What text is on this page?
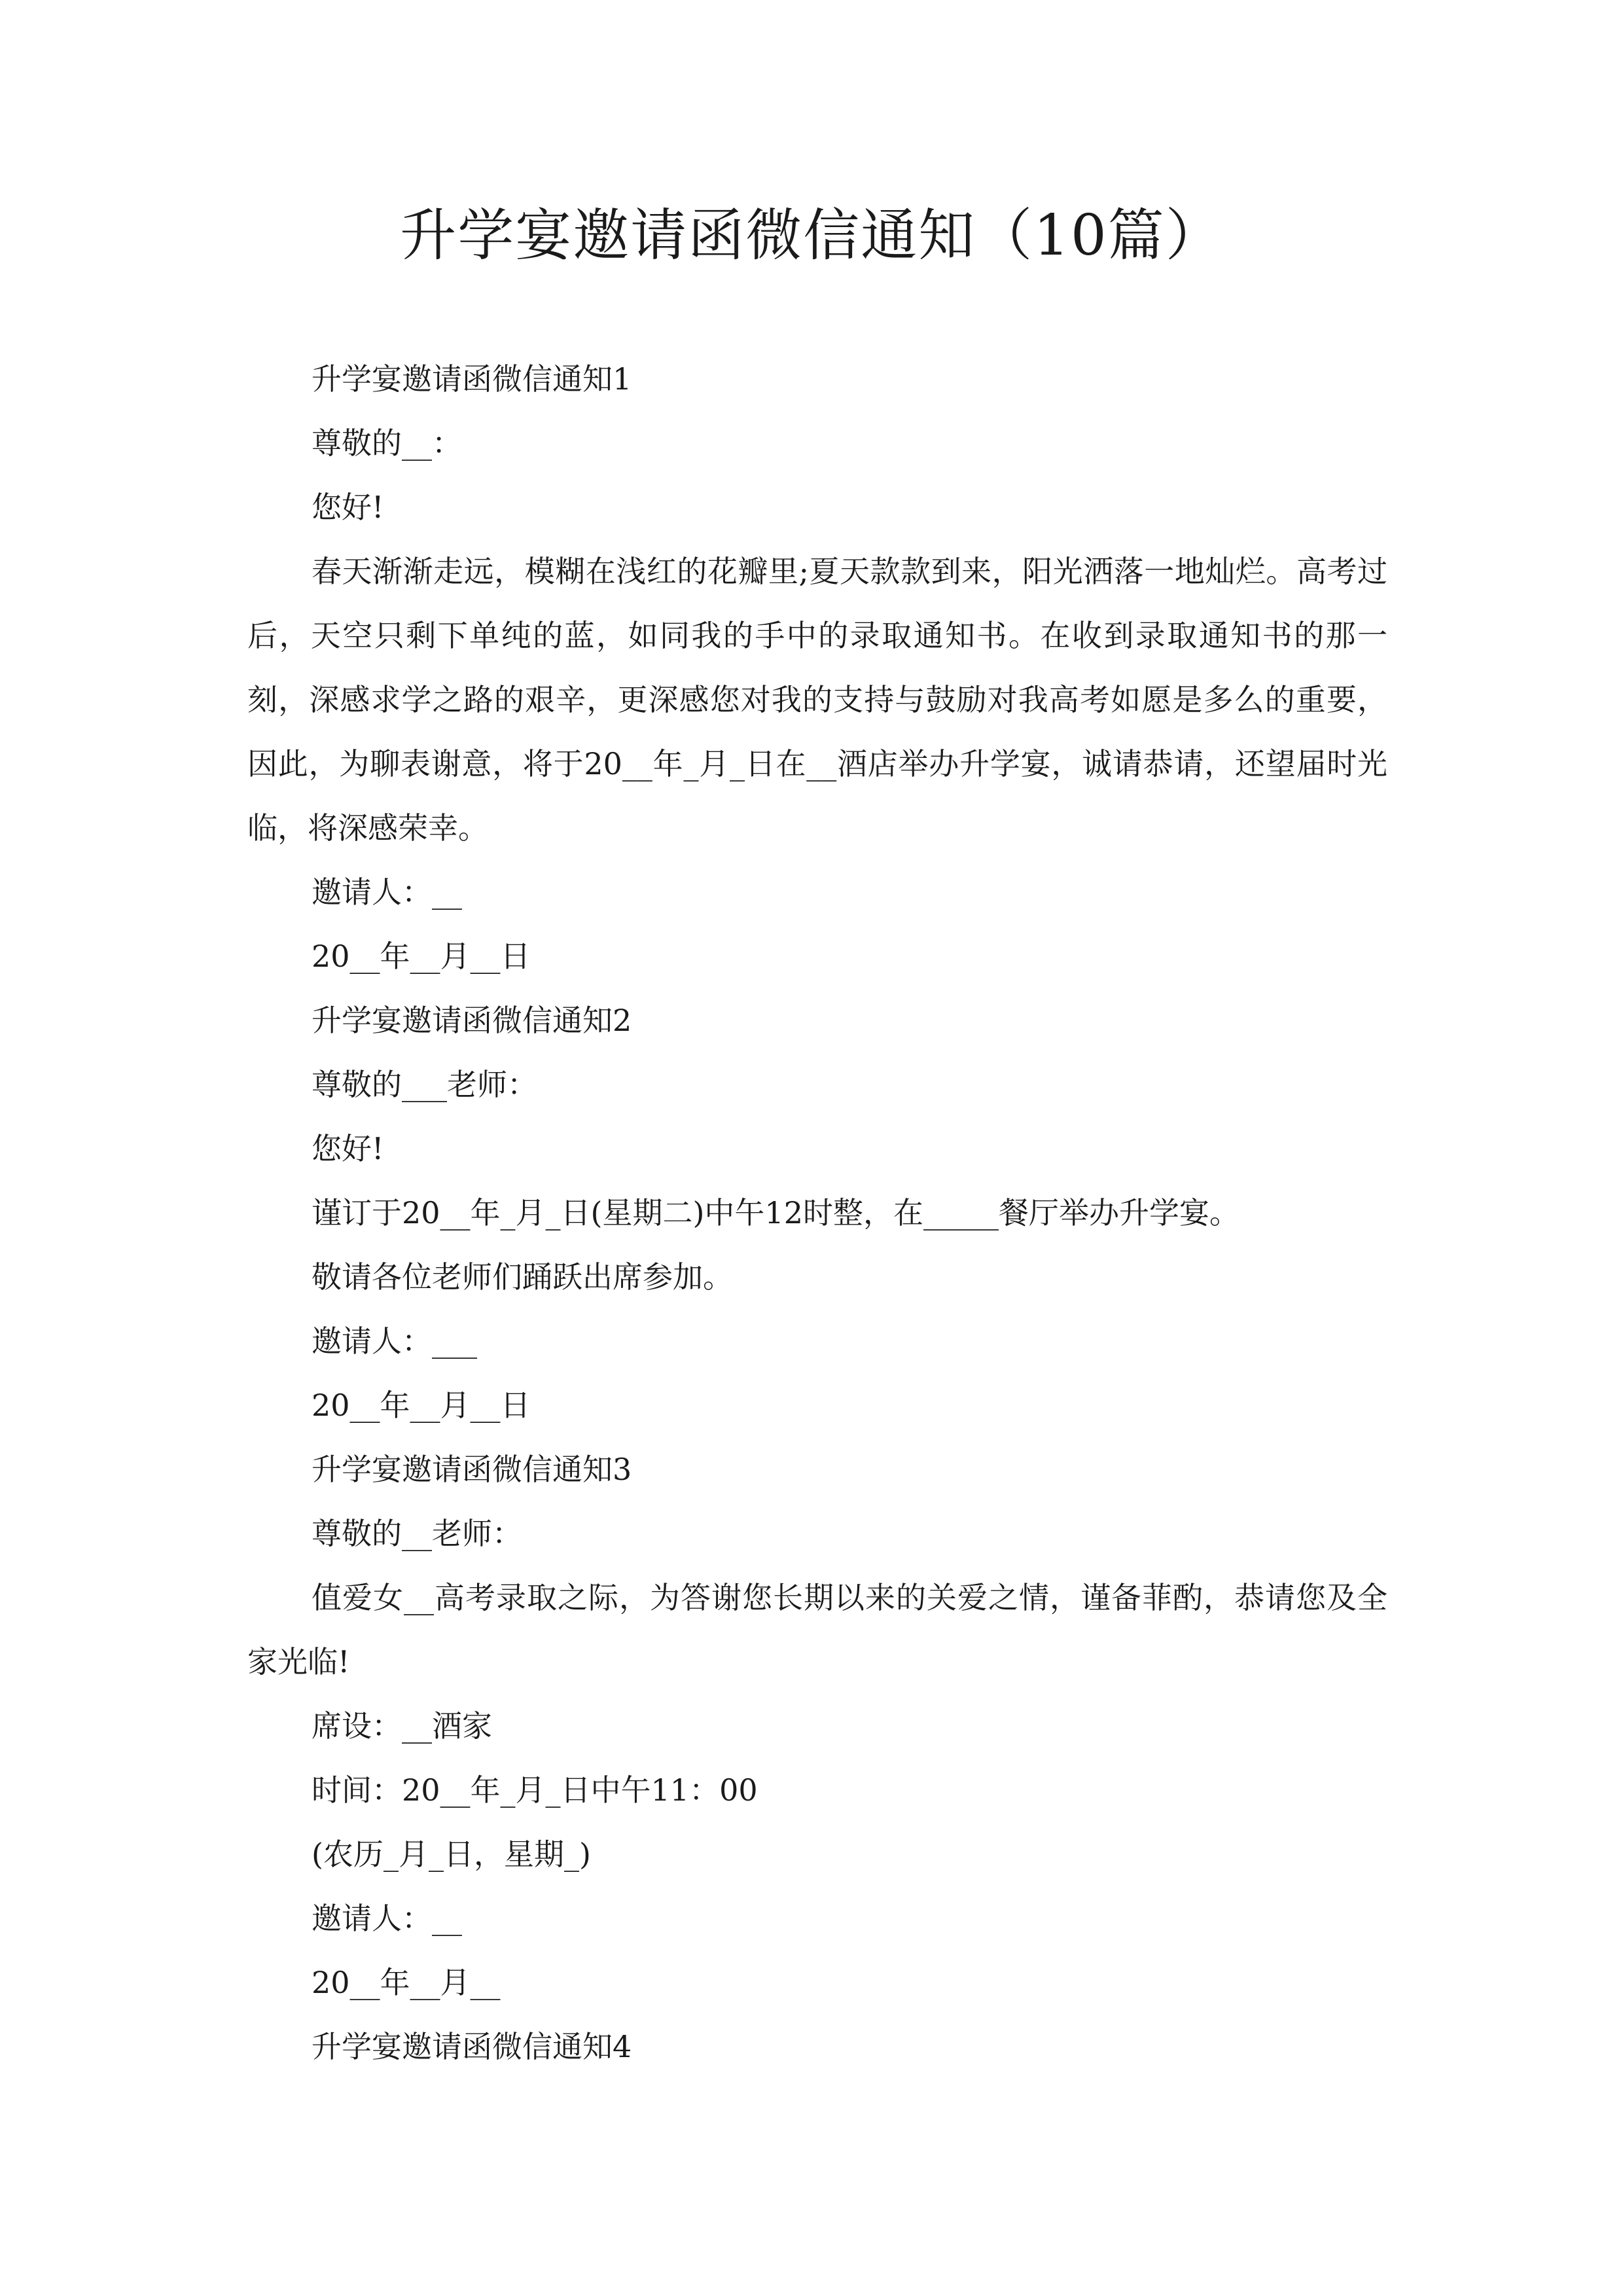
升学宴邀请函微信通知（10篇）

升学宴邀请函微信通知1

尊敬的__：

您好!

春天渐渐走远，模糊在浅红的花瓣里;夏天款款到来，阳光洒落一地灿烂。高考过后，天空只剩下单纯的蓝，如同我的手中的录取通知书。在收到录取通知书的那一刻，深感求学之路的艰辛，更深感您对我的支持与鼓励对我高考如愿是多么的重要，因此，为聊表谢意，将于20__年_月_日在__酒店举办升学宴，诚请恭请，还望届时光临，将深感荣幸。

邀请人：__

20__年__月__日

升学宴邀请函微信通知2

尊敬的___老师：

您好!

谨订于20__年_月_日(星期二)中午12时整，在_____餐厅举办升学宴。

敬请各位老师们踊跃出席参加。

邀请人：___

20__年__月__日

升学宴邀请函微信通知3

尊敬的__老师：

值爱女__高考录取之际，为答谢您长期以来的关爱之情，谨备菲酌，恭请您及全家光临!

席设：__酒家

时间：20__年_月_日中午11：00

(农历_月_日，星期_)

邀请人：__

20__年__月__

升学宴邀请函微信通知4
